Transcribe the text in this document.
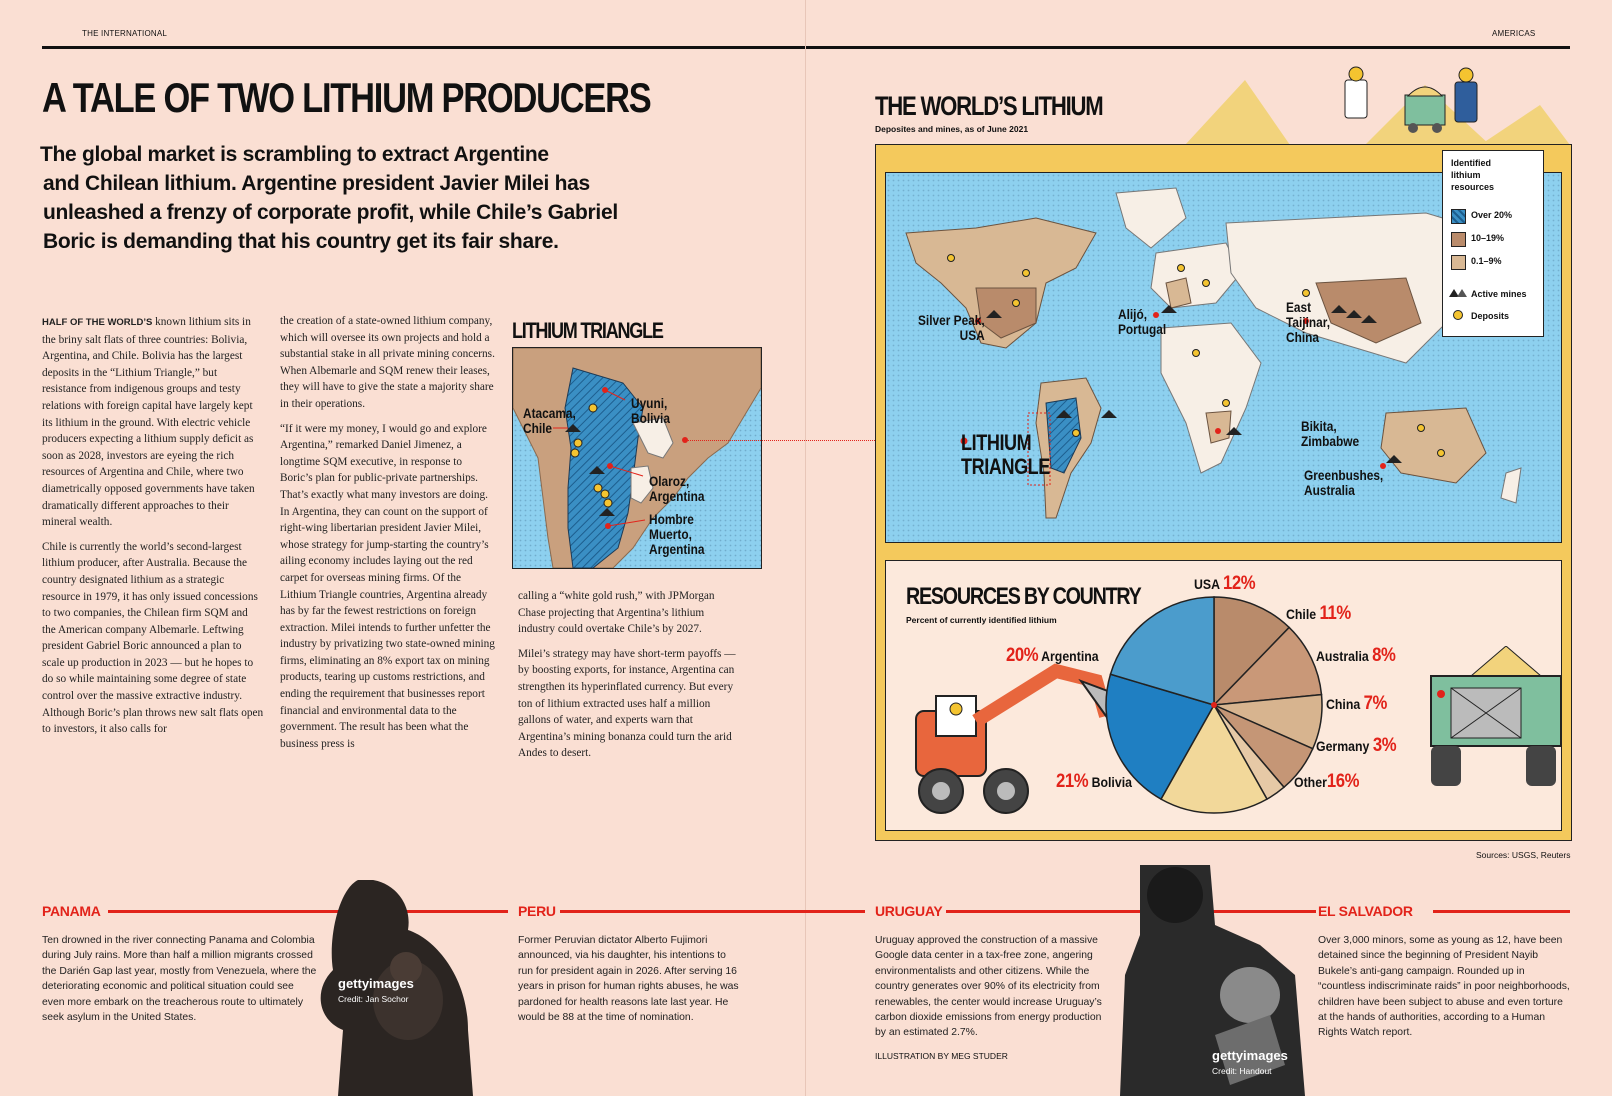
THE INTERNATIONAL	AMERICAS
A TALE OF TWO LITHIUM PRODUCERS
The global market is scrambling to extract Argentine
and Chilean lithium. Argentine president Javier Milei has
unleashed a frenzy of corporate profit, while Chile’s Gabriel
Boric is demanding that his country get its fair share.

HALF OF THE WORLD’S known lithium sits in the briny salt flats of three countries: Bolivia, Argentina, and Chile. Bolivia has the largest deposits in the “Lithium Triangle,” but resistance from indigenous groups and testy relations with foreign capital have largely kept its lithium in the ground. With electric vehicle producers expecting a lithium supply deficit as soon as 2028, investors are eyeing the rich resources of Argentina and Chile, where two diametrically opposed governments have taken dramatically different approaches to their mineral wealth.

Chile is currently the world’s second-largest lithium producer, after Australia. Because the country designated lithium as a strategic resource in 1979, it has only issued concessions to two companies, the Chilean firm SQM and the American company Albemarle. Leftwing president Gabriel Boric announced a plan to scale up production in 2023 — but he hopes to do so while maintaining some degree of state control over the massive extractive industry. Although Boric’s plan throws new salt flats open to investors, it also calls for

the creation of a state-owned lithium company, which will oversee its own projects and hold a substantial stake in all private mining concerns. When Albemarle and SQM renew their leases, they will have to give the state a majority share in their operations.

“If it were my money, I would go and explore Argentina,” remarked Daniel Jimenez, a longtime SQM executive, in response to Boric’s plan for public-private partnerships. That’s exactly what many investors are doing. In Argentina, they can count on the support of right-wing libertarian president Javier Milei, whose strategy for jump-starting the country’s ailing economy includes laying out the red carpet for overseas mining firms. Of the Lithium Triangle countries, Argentina already has by far the fewest restrictions on foreign extraction. Milei intends to further unfetter the industry by privatizing two state-owned mining firms, eliminating an 8% export tax on mining products, tearing up customs restrictions, and ending the requirement that businesses report financial and environmental data to the government. The result has been what the business press is

calling a “white gold rush,” with JPMorgan Chase projecting that Argentina’s lithium industry could overtake Chile’s by 2027.

Milei’s strategy may have short-term payoffs — by boosting exports, for instance, Argentina can strengthen its hyperinflated currency. But every ton of lithium extracted uses half a million gallons of water, and experts warn that Argentina’s mining bonanza could turn the arid Andes to desert.

LITHIUM TRIANGLE
Atacama,
Chile
Uyuni,
Bolivia
Olaroz,
Argentina
Hombre
Muerto,
Argentina
THE WORLD’S LITHIUM
Deposites and mines, as of June 2021
Silver Peak,
USA
Alijó,
Portugal
East
Taijinar,
China
Bikita,
Zimbabwe
Greenbushes,
Australia
LITHIUM
TRIANGLE
Identified lithium resources
Over 20%
10–19%
0.1–9%
Active mines
Deposits
RESOURCES BY COUNTRY
Percent of currently identified lithium
USA 12%
Chile 11%
Australia 8%
China 7%
Germany 3%
Other16%
21% Bolivia
20% Argentina
Sources: USGS, Reuters
PANAMA
Ten drowned in the river connecting Panama and Colombia during July rains. More than half a million migrants crossed the Darién Gap last year, mostly from Venezuela, where the deteriorating economic and political situation could see even more embark on the treacherous route to ultimately seek asylum in the United States.
PERU
Former Peruvian dictator Alberto Fujimori announced, via his daughter, his intentions to run for president again in 2026. After serving 16 years in prison for human rights abuses, he was pardoned for health reasons late last year. He would be 88 at the time of nomination.
URUGUAY
Uruguay approved the construction of a massive Google data center in a tax-free zone, angering environmentalists and other citizens. While the country generates over 90% of its electricity from renewables, the center would increase Uruguay’s carbon dioxide emissions from energy production by an estimated 2.7%.
ILLUSTRATION BY MEG STUDER
EL SALVADOR
Over 3,000 minors, some as young as 12, have been detained since the beginning of President Nayib Bukele’s anti-gang campaign. Rounded up in “countless indiscriminate raids” in poor neighborhoods, children have been subject to abuse and even torture at the hands of authorities, according to a Human Rights Watch report.
gettyimages
Credit: Jan Sochor
gettyimages
Credit: Handout
